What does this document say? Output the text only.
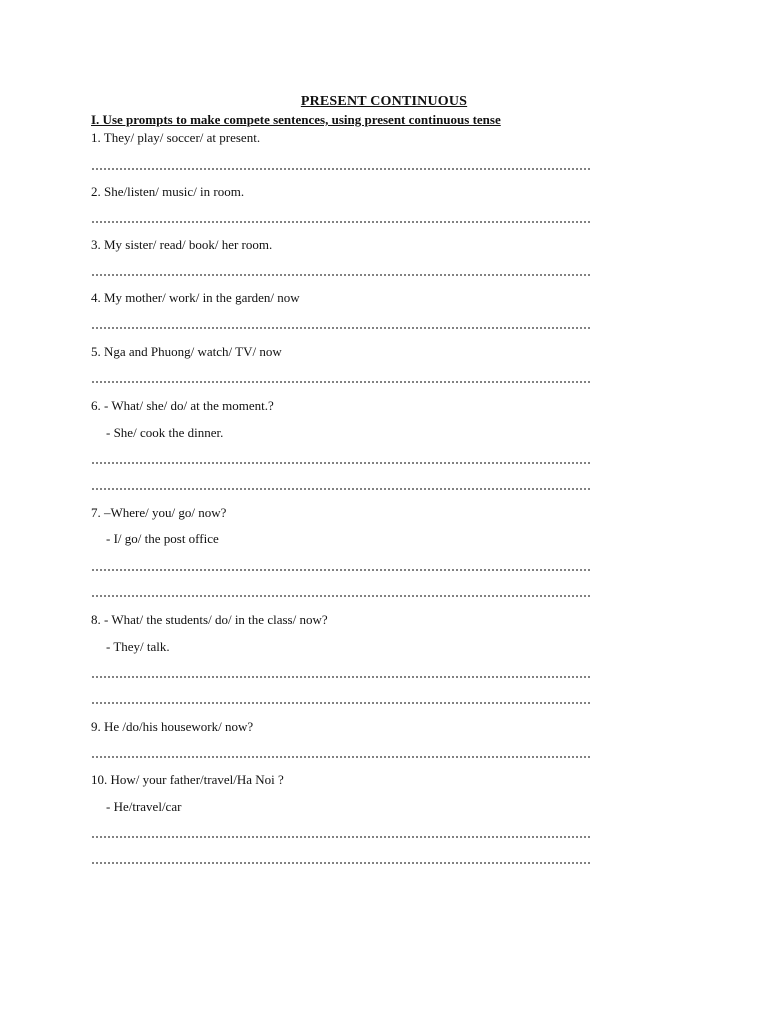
PRESENT CONTINUOUS
I. Use prompts to make compete sentences, using present continuous tense
1. They/ play/ soccer/ at present.
2. She/listen/ music/ in room.
3. My sister/ read/ book/ her room.
4. My mother/ work/ in the garden/ now
5. Nga and Phuong/ watch/ TV/ now
6. - What/ she/ do/ at the moment.?
- She/ cook the dinner.
7. –Where/ you/ go/ now?
- I/ go/ the post office
8. - What/ the students/ do/ in the class/ now?
- They/ talk.
9. He /do/his housework/ now?
10. How/ your father/travel/Ha Noi ?
- He/travel/car
